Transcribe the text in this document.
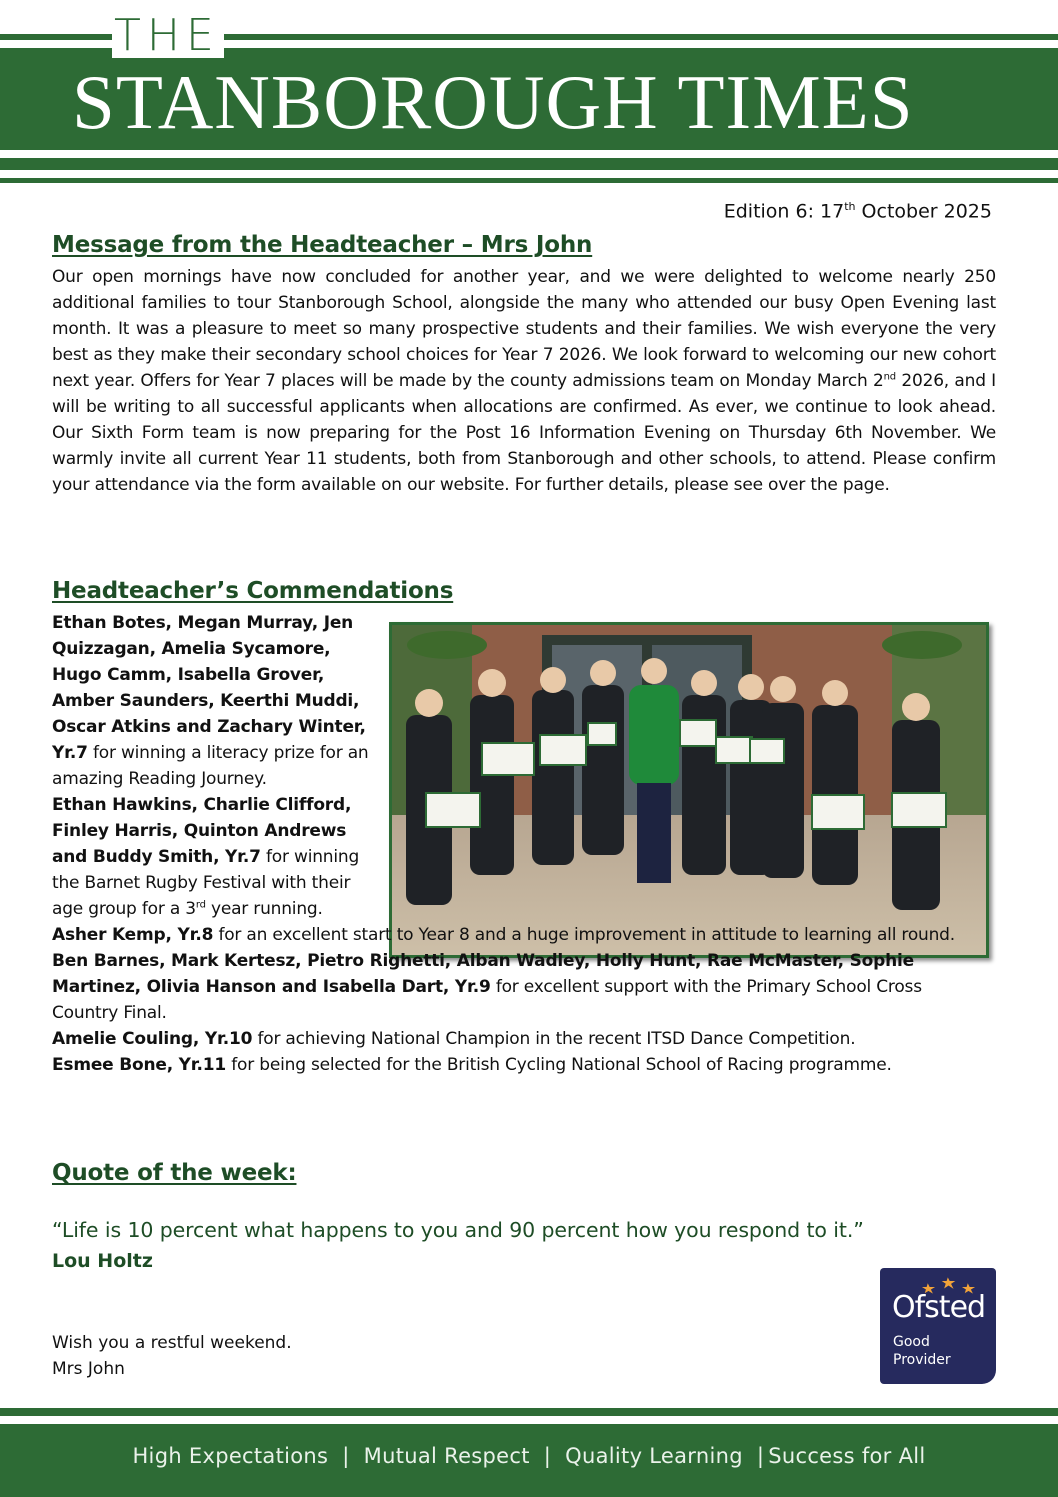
THE
STANBOROUGH TIMES
Edition 6: 17th October 2025
Message from the Headteacher – Mrs John
Our open mornings have now concluded for another year, and we were delighted to welcome nearly 250 additional families to tour Stanborough School, alongside the many who attended our busy Open Evening last month. It was a pleasure to meet so many prospective students and their families. We wish everyone the very best as they make their secondary school choices for Year 7 2026. We look forward to welcoming our new cohort next year. Offers for Year 7 places will be made by the county admissions team on Monday March 2nd 2026, and I will be writing to all successful applicants when allocations are confirmed. As ever, we continue to look ahead. Our Sixth Form team is now preparing for the Post 16 Information Evening on Thursday 6th November. We warmly invite all current Year 11 students, both from Stanborough and other schools, to attend. Please confirm your attendance via the form available on our website. For further details, please see over the page.
Headteacher’s Commendations

Ethan Botes, Megan Murray, Jen Quizzagan, Amelia Sycamore, Hugo Camm, Isabella Grover, Amber Saunders, Keerthi Muddi, Oscar Atkins and Zachary Winter, Yr.7 for winning a literacy prize for an amazing Reading Journey.

Ethan Hawkins, Charlie Clifford, Finley Harris, Quinton Andrews and Buddy Smith, Yr.7 for winning the Barnet Rugby Festival with their age group for a 3rd year running.

Asher Kemp, Yr.8 for an excellent start to Year 8 and a huge improvement in attitude to learning all round.

Ben Barnes, Mark Kertesz, Pietro Righetti, Alban Wadley, Holly Hunt, Rae McMaster, Sophie Martinez, Olivia Hanson and Isabella Dart, Yr.9 for excellent support with the Primary School Cross Country Final.

Amelie Couling, Yr.10 for achieving National Champion in the recent ITSD Dance Competition.

Esmee Bone, Yr.11 for being selected for the British Cycling National School of Racing programme.

Quote of the week:
“Life is 10 percent what happens to you and 90 percent how you respond to it.”
Lou Holtz
Wish you a restful weekend.
Mrs John
Ofsted
Good
Provider
High Expectations | Mutual Respect | Quality Learning | Success for All
